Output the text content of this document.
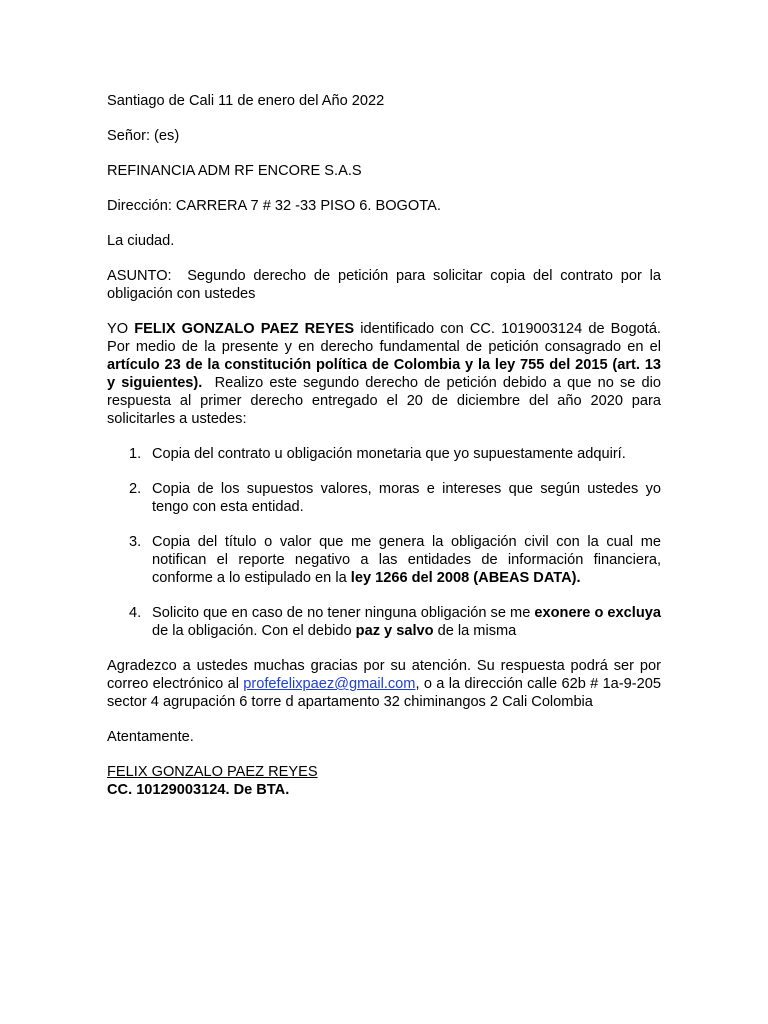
Santiago de Cali 11 de enero del Año 2022

Señor: (es)

REFINANCIA ADM RF ENCORE S.A.S

Dirección: CARRERA 7 # 32 -33 PISO 6. BOGOTA.

La ciudad.

ASUNTO: Segundo derecho de petición para solicitar copia del contrato por la obligación con ustedes

YO FELIX GONZALO PAEZ REYES identificado con CC. 1019003124 de Bogotá. Por medio de la presente y en derecho fundamental de petición consagrado en el artículo 23 de la constitución política de Colombia y la ley 755 del 2015 (art. 13 y siguientes). Realizo este segundo derecho de petición debido a que no se dio respuesta al primer derecho entregado el 20 de diciembre del año 2020 para solicitarles a ustedes:

1. Copia del contrato u obligación monetaria que yo supuestamente adquirí.
2. Copia de los supuestos valores, moras e intereses que según ustedes yo tengo con esta entidad.
3. Copia del título o valor que me genera la obligación civil con la cual me notifican el reporte negativo a las entidades de información financiera, conforme a lo estipulado en la ley 1266 del 2008 (ABEAS DATA).
4. Solicito que en caso de no tener ninguna obligación se me exonere o excluya de la obligación. Con el debido paz y salvo de la misma

Agradezco a ustedes muchas gracias por su atención. Su respuesta podrá ser por correo electrónico al profefelixpaez@gmail.com, o a la dirección calle 62b # 1a-9-205 sector 4 agrupación 6 torre d apartamento 32 chiminangos 2 Cali Colombia

Atentamente.

FELIX GONZALO PAEZ REYES
CC. 10129003124. De BTA.
